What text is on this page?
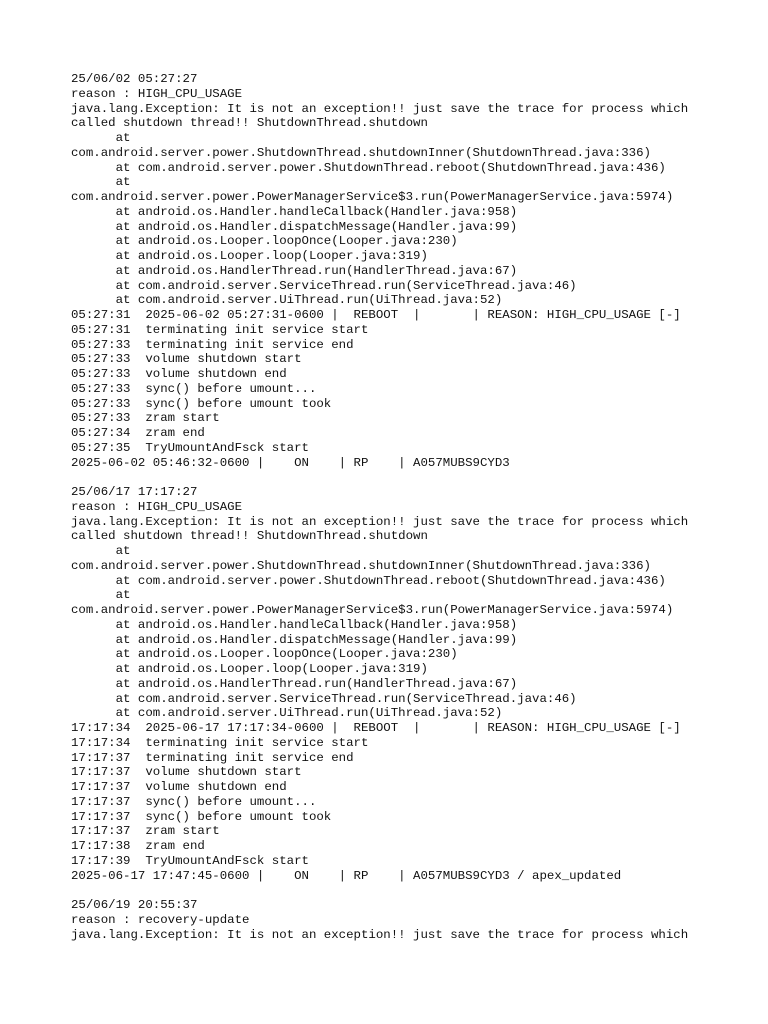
25/06/02 05:27:27
reason : HIGH_CPU_USAGE
java.lang.Exception: It is not an exception!! just save the trace for process which
called shutdown thread!! ShutdownThread.shutdown
at
com.android.server.power.ShutdownThread.shutdownInner(ShutdownThread.java:336)
at com.android.server.power.ShutdownThread.reboot(ShutdownThread.java:436)
at
com.android.server.power.PowerManagerService$3.run(PowerManagerService.java:5974)
at android.os.Handler.handleCallback(Handler.java:958)
at android.os.Handler.dispatchMessage(Handler.java:99)
at android.os.Looper.loopOnce(Looper.java:230)
at android.os.Looper.loop(Looper.java:319)
at android.os.HandlerThread.run(HandlerThread.java:67)
at com.android.server.ServiceThread.run(ServiceThread.java:46)
at com.android.server.UiThread.run(UiThread.java:52)
05:27:31  2025-06-02 05:27:31-0600 |  REBOOT  |       | REASON: HIGH_CPU_USAGE [-]
05:27:31  terminating init service start
05:27:33  terminating init service end
05:27:33  volume shutdown start
05:27:33  volume shutdown end
05:27:33  sync() before umount...
05:27:33  sync() before umount took
05:27:33  zram start
05:27:34  zram end
05:27:35  TryUmountAndFsck start
2025-06-02 05:46:32-0600 |    ON    | RP    | A057MUBS9CYD3
25/06/17 17:17:27
reason : HIGH_CPU_USAGE
java.lang.Exception: It is not an exception!! just save the trace for process which
called shutdown thread!! ShutdownThread.shutdown
at
com.android.server.power.ShutdownThread.shutdownInner(ShutdownThread.java:336)
at com.android.server.power.ShutdownThread.reboot(ShutdownThread.java:436)
at
com.android.server.power.PowerManagerService$3.run(PowerManagerService.java:5974)
at android.os.Handler.handleCallback(Handler.java:958)
at android.os.Handler.dispatchMessage(Handler.java:99)
at android.os.Looper.loopOnce(Looper.java:230)
at android.os.Looper.loop(Looper.java:319)
at android.os.HandlerThread.run(HandlerThread.java:67)
at com.android.server.ServiceThread.run(ServiceThread.java:46)
at com.android.server.UiThread.run(UiThread.java:52)
17:17:34  2025-06-17 17:17:34-0600 |  REBOOT  |       | REASON: HIGH_CPU_USAGE [-]
17:17:34  terminating init service start
17:17:37  terminating init service end
17:17:37  volume shutdown start
17:17:37  volume shutdown end
17:17:37  sync() before umount...
17:17:37  sync() before umount took
17:17:37  zram start
17:17:38  zram end
17:17:39  TryUmountAndFsck start
2025-06-17 17:47:45-0600 |    ON    | RP    | A057MUBS9CYD3 / apex_updated
25/06/19 20:55:37
reason : recovery-update
java.lang.Exception: It is not an exception!! just save the trace for process which
